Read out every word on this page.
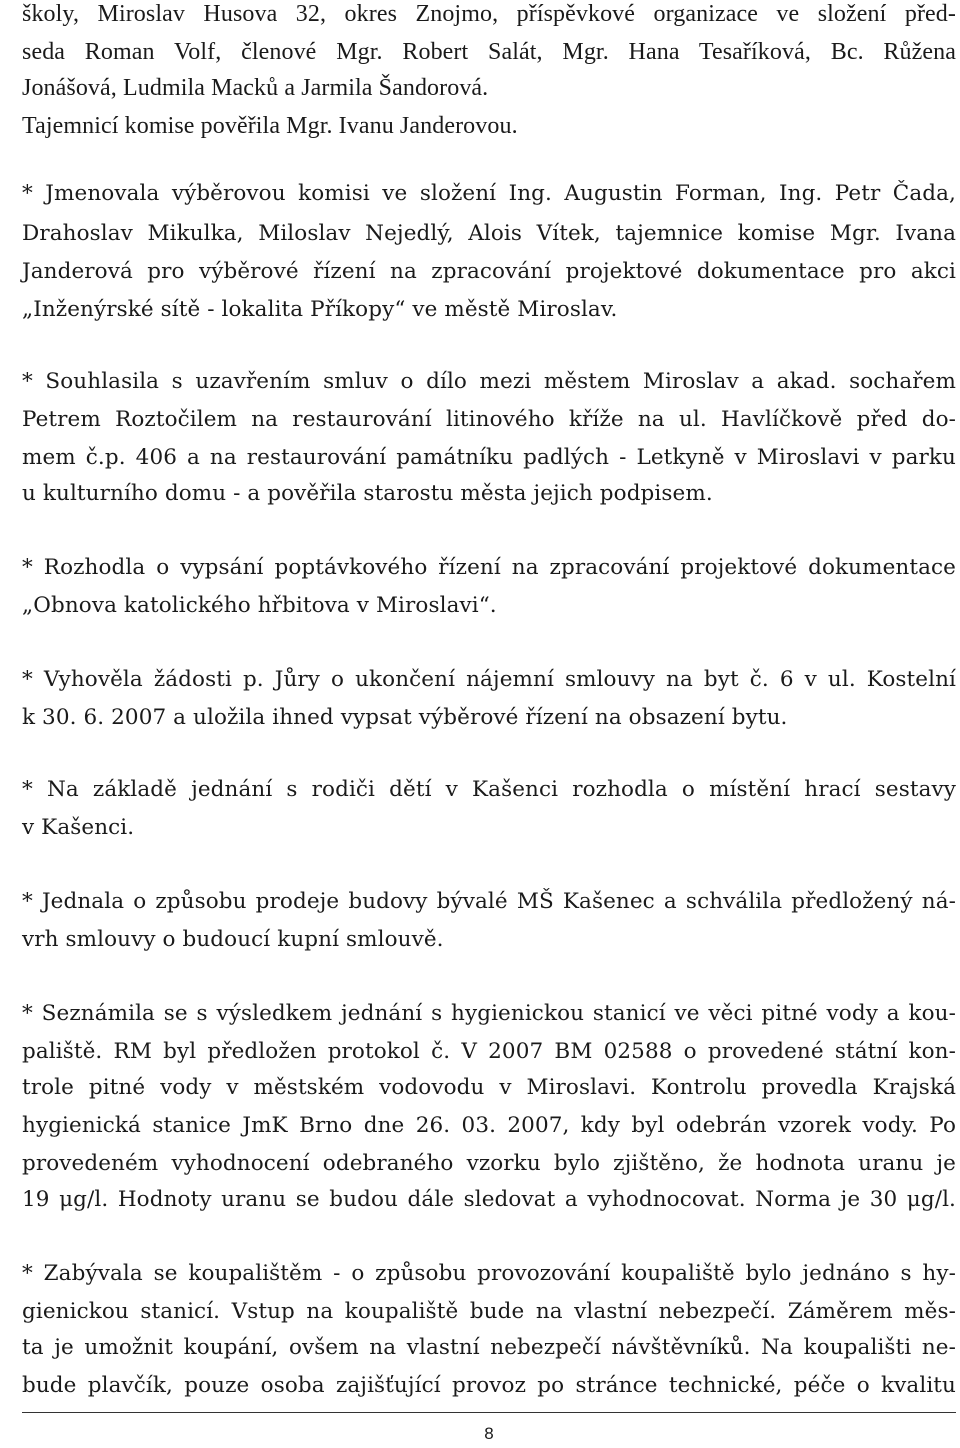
školy, Miroslav Husova 32, okres Znojmo, příspěvkové organizace ve složení před-
seda Roman Volf, členové Mgr. Robert Salát, Mgr. Hana Tesaříková, Bc. Růžena
Jonášová, Ludmila Macků a Jarmila Šandorová.
Tajemnicí komise pověřila Mgr. Ivanu Janderovou.
* Jmenovala výběrovou komisi ve složení Ing. Augustin Forman, Ing. Petr Čada,
Drahoslav Mikulka, Miloslav Nejedlý, Alois Vítek, tajemnice komise Mgr. Ivana
Janderová pro výběrové řízení na zpracování projektové dokumentace pro akci
„Inženýrské sítě - lokalita Příkopy“ ve městě Miroslav.
* Souhlasila s uzavřením smluv o dílo mezi městem Miroslav a akad. sochařem
Petrem Roztočilem na restaurování litinového kříže na ul. Havlíčkově před do-
mem č.p. 406 a na restaurování památníku padlých - Letkyně v Miroslavi v parku
u kulturního domu - a pověřila starostu města jejich podpisem.
* Rozhodla o vypsání poptávkového řízení na zpracování projektové dokumentace
„Obnova katolického hřbitova v Miroslavi“.
* Vyhověla žádosti p. Jůry o ukončení nájemní smlouvy na byt č. 6 v ul. Kostelní
k 30. 6. 2007 a uložila ihned vypsat výběrové řízení na obsazení bytu.
* Na základě jednání s rodiči dětí v Kašenci rozhodla o místění hrací sestavy
v Kašenci.
* Jednala o způsobu prodeje budovy bývalé MŠ Kašenec a schválila předložený ná-
vrh smlouvy o budoucí kupní smlouvě.
* Seznámila se s výsledkem jednání s hygienickou stanicí ve věci pitné vody a kou-
paliště. RM byl předložen protokol č. V 2007 BM 02588 o provedené státní kon-
trole pitné vody v městském vodovodu v Miroslavi. Kontrolu provedla Krajská
hygienická stanice JmK Brno dne 26. 03. 2007, kdy byl odebrán vzorek vody. Po
provedeném vyhodnocení odebraného vzorku bylo zjištěno, že hodnota uranu je
19 μg/l. Hodnoty uranu se budou dále sledovat a vyhodnocovat. Norma je 30 μg/l.
* Zabývala se koupalištěm - o způsobu provozování koupaliště bylo jednáno s hy-
gienickou stanicí. Vstup na koupaliště bude na vlastní nebezpečí. Záměrem měs-
ta je umožnit koupání, ovšem na vlastní nebezpečí návštěvníků. Na koupališti ne-
bude plavčík, pouze osoba zajišťující provoz po stránce technické, péče o kvalitu
8
